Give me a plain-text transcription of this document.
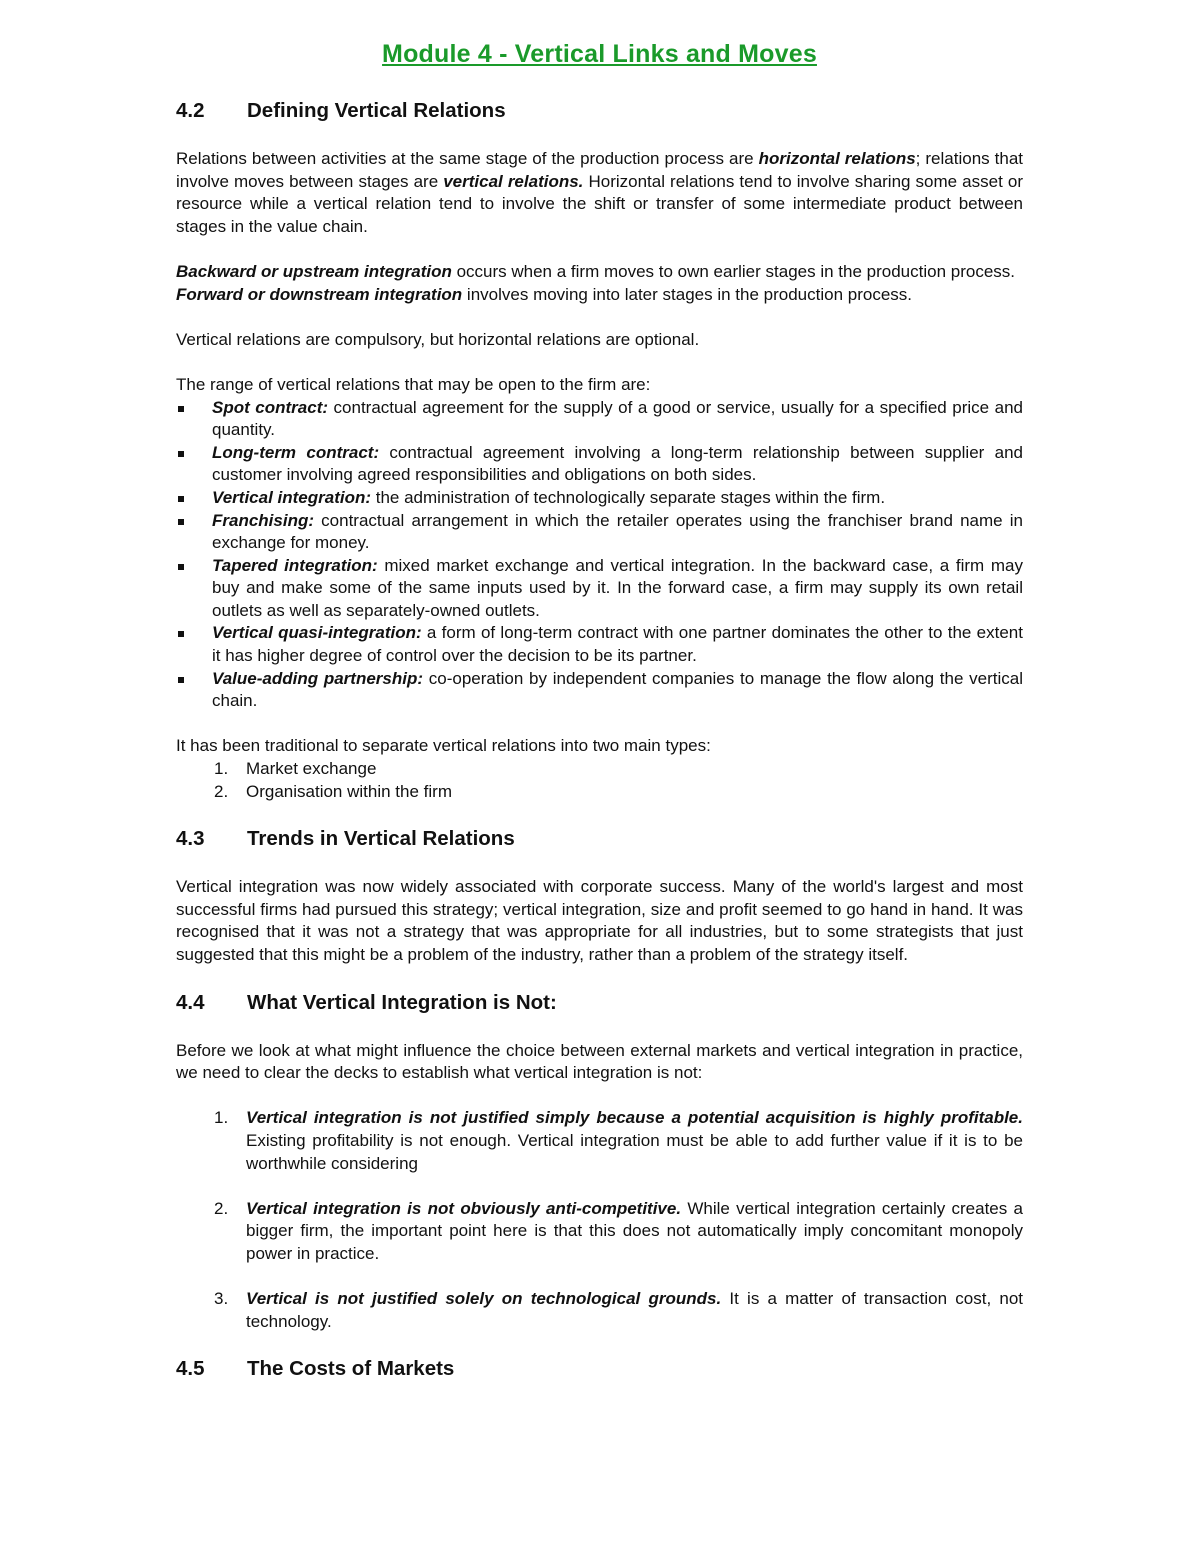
Module 4 - Vertical Links and Moves
4.2	Defining Vertical Relations

Relations between activities at the same stage of the production process are horizontal relations; relations that involve moves between stages are vertical relations. Horizontal relations tend to involve sharing some asset or resource while a vertical relation tend to involve the shift or transfer of some intermediate product between stages in the value chain.

Backward or upstream integration occurs when a firm moves to own earlier stages in the production process.

Forward or downstream integration involves moving into later stages in the production process.

Vertical relations are compulsory, but horizontal relations are optional.

The range of vertical relations that may be open to the firm are:

Spot contract: contractual agreement for the supply of a good or service, usually for a specified price and quantity.
Long-term contract: contractual agreement involving a long-term relationship between supplier and customer involving agreed responsibilities and obligations on both sides.
Vertical integration: the administration of technologically separate stages within the firm.
Franchising: contractual arrangement in which the retailer operates using the franchiser brand name in exchange for money.
Tapered integration: mixed market exchange and vertical integration. In the backward case, a firm may buy and make some of the same inputs used by it. In the forward case, a firm may supply its own retail outlets as well as separately-owned outlets.
Vertical quasi-integration: a form of long-term contract with one partner dominates the other to the extent it has higher degree of control over the decision to be its partner.
Value-adding partnership: co-operation by independent companies to manage the flow along the vertical chain.

It has been traditional to separate vertical relations into two main types:

1. Market exchange
2. Organisation within the firm
4.3	Trends in Vertical Relations

Vertical integration was now widely associated with corporate success. Many of the world's largest and most successful firms had pursued this strategy; vertical integration, size and profit seemed to go hand in hand. It was recognised that it was not a strategy that was appropriate for all industries, but to some strategists that just suggested that this might be a problem of the industry, rather than a problem of the strategy itself.

4.4	What Vertical Integration is Not:

Before we look at what might influence the choice between external markets and vertical integration in practice, we need to clear the decks to establish what vertical integration is not:

1. Vertical integration is not justified simply because a potential acquisition is highly profitable. Existing profitability is not enough. Vertical integration must be able to add further value if it is to be worthwhile considering
2. Vertical integration is not obviously anti-competitive. While vertical integration certainly creates a bigger firm, the important point here is that this does not automatically imply concomitant monopoly power in practice.
3. Vertical is not justified solely on technological grounds. It is a matter of transaction cost, not technology.
4.5	The Costs of Markets
